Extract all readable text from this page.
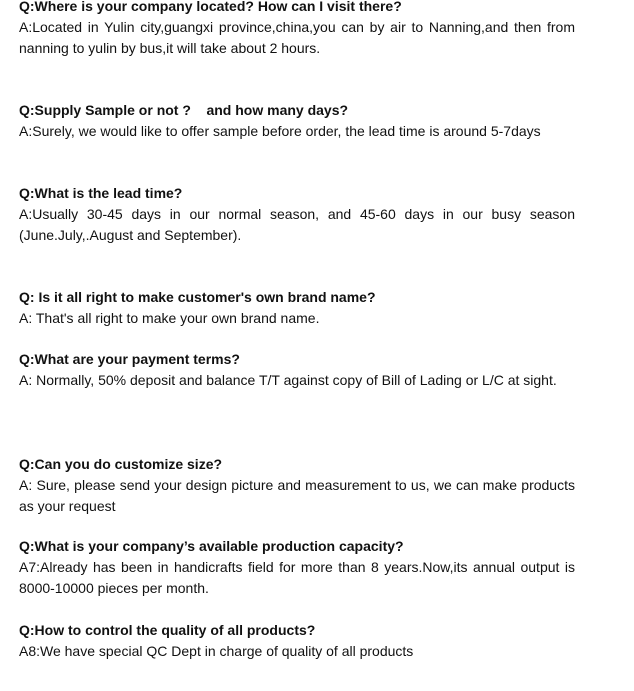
Q:Where is your company located? How can I visit there?
A:Located in Yulin city,guangxi province,china,you can by air to Nanning,and then from nanning to yulin by bus,it will take about 2 hours.
Q:Supply Sample or not ?    and how many days?
A:Surely, we would like to offer sample before order, the lead time is around 5-7days
Q:What is the lead time?
A:Usually 30-45 days in our normal season, and 45-60 days in our busy season (June.July,.August and September).
Q: Is it all right to make customer's own brand name?
A: That's all right to make your own brand name.
Q:What are your payment terms?
A: Normally, 50% deposit and balance T/T against copy of Bill of Lading or L/C at sight.
Q:Can you do customize size?
A: Sure, please send your design picture and measurement to us, we can make products as your request
Q:What is your company’s available production capacity?
A7:Already has been in handicrafts field for more than 8 years.Now,its annual output is 8000-10000 pieces per month.
Q:How to control the quality of all products?
A8:We have special QC Dept in charge of quality of all products
